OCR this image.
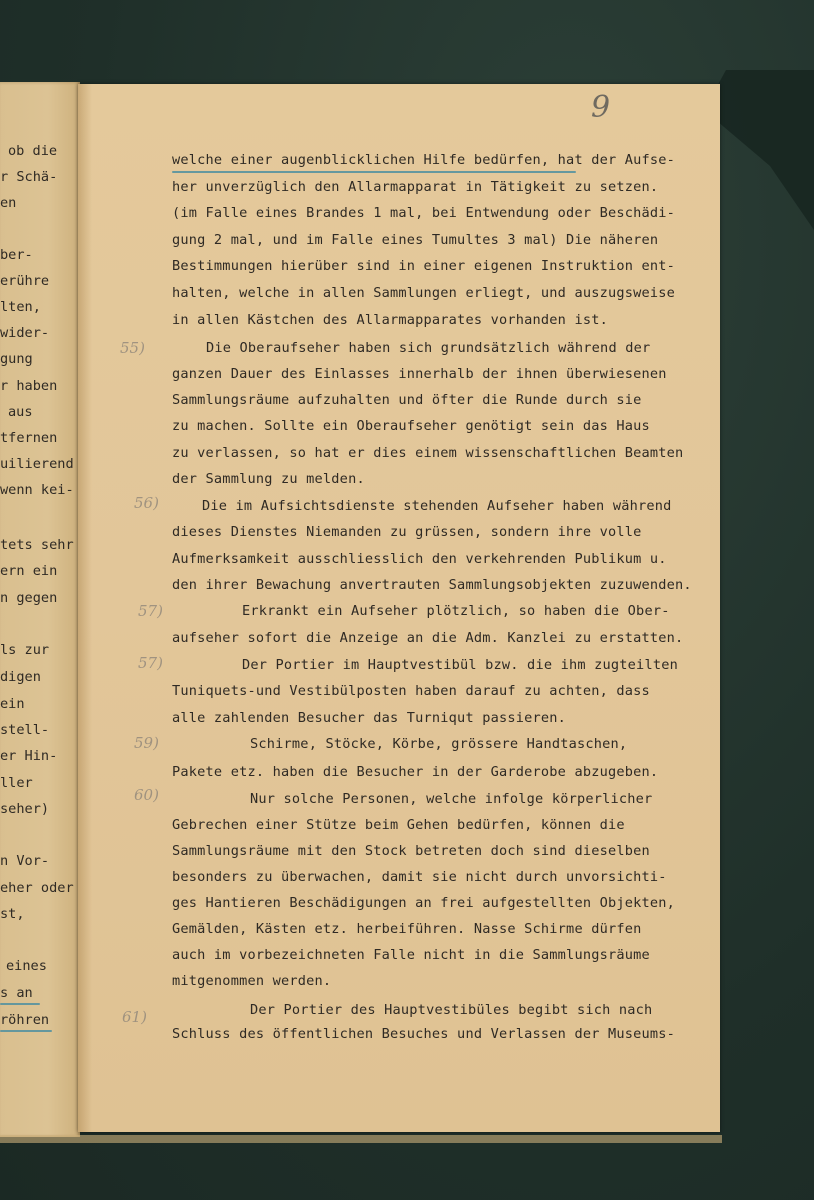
ob die
r Schä-
en
ber-
erühre
lten,
wider-
gung
r haben
aus
tfernen
uilierend
wenn kei-
tets sehr
ern ein
n gegen
ls zur
digen
ein
stell-
er Hin-
ller
seher)
n Vor-
eher oder
st,
eines
s an
röhren
9
55)
56)
57)
57)
59)
60)
61)
welche einer augenblicklichen Hilfe bedürfen, hat der Aufse-
her unverzüglich den Allarmapparat in Tätigkeit zu setzen.
(im Falle eines Brandes 1 mal, bei Entwendung oder Beschädi-
gung 2 mal, und im Falle eines Tumultes 3 mal) Die näheren
Bestimmungen hierüber sind in einer eigenen Instruktion ent-
halten, welche in allen Sammlungen erliegt, und auszugsweise
in allen Kästchen des Allarmapparates vorhanden ist.
Die Oberaufseher haben sich grundsätzlich während der
ganzen Dauer des Einlasses innerhalb der ihnen überwiesenen
Sammlungsräume aufzuhalten und öfter die Runde durch sie
zu machen. Sollte ein Oberaufseher genötigt sein das Haus
zu verlassen, so hat er dies einem wissenschaftlichen Beamten
der Sammlung zu melden.
Die im Aufsichtsdienste stehenden Aufseher haben während
dieses Dienstes Niemanden zu grüssen, sondern ihre volle
Aufmerksamkeit ausschliesslich den verkehrenden Publikum u.
den ihrer Bewachung anvertrauten Sammlungsobjekten zuzuwenden.
Erkrankt ein Aufseher plötzlich, so haben die Ober-
aufseher sofort die Anzeige an die Adm. Kanzlei zu erstatten.
Der Portier im Hauptvestibül bzw. die ihm zugteilten
Tuniquets-und Vestibülposten haben darauf zu achten, dass
alle zahlenden Besucher das Turniqut passieren.
Schirme, Stöcke, Körbe, grössere Handtaschen,
Pakete etz. haben die Besucher in der Garderobe abzugeben.
Nur solche Personen, welche infolge körperlicher
Gebrechen einer Stütze beim Gehen bedürfen, können die
Sammlungsräume mit den Stock betreten doch sind dieselben
besonders zu überwachen, damit sie nicht durch unvorsichti-
ges Hantieren Beschädigungen an frei aufgestellten Objekten,
Gemälden, Kästen etz. herbeiführen. Nasse Schirme dürfen
auch im vorbezeichneten Falle nicht in die Sammlungsräume
mitgenommen werden.
Der Portier des Hauptvestibüles begibt sich nach
Schluss des öffentlichen Besuches und Verlassen der Museums-
